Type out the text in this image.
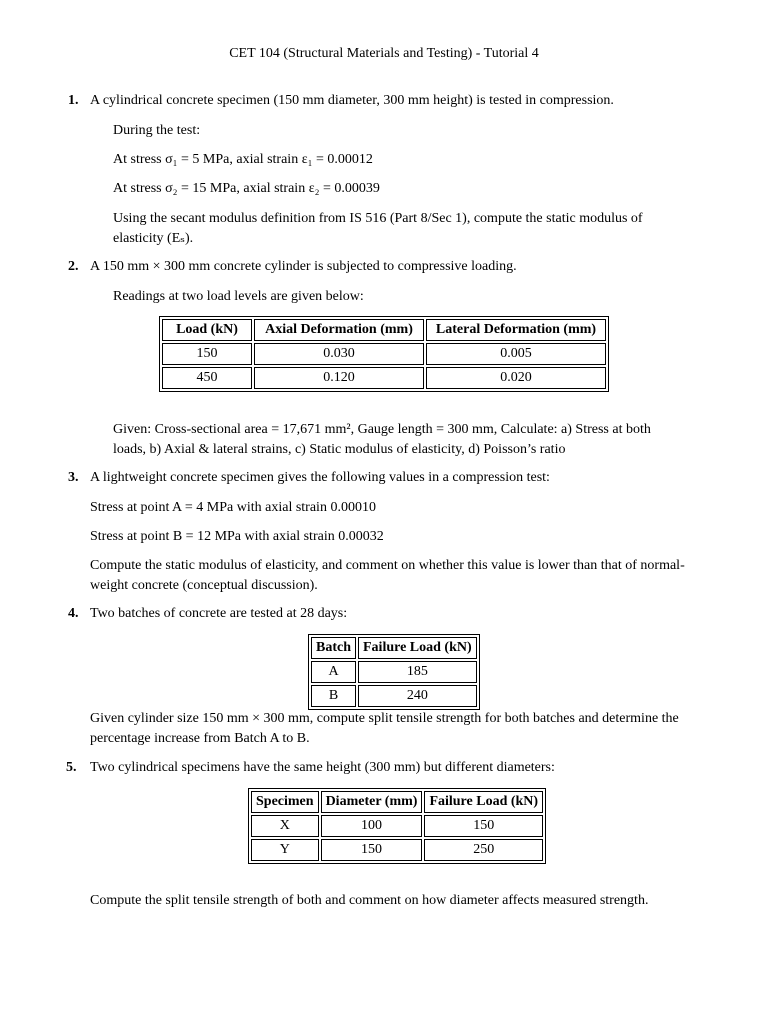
CET 104 (Structural Materials and Testing) - Tutorial 4
1. A cylindrical concrete specimen (150 mm diameter, 300 mm height) is tested in compression.

During the test:
At stress σ₁ = 5 MPa, axial strain ε₁ = 0.00012
At stress σ₂ = 15 MPa, axial strain ε₂ = 0.00039

Using the secant modulus definition from IS 516 (Part 8/Sec 1), compute the static modulus of

elasticity (Eₛ).

2. A 150 mm × 300 mm concrete cylinder is subjected to compressive loading.

Readings at two load levels are given below:
Load (kN)	Axial Deformation (mm)	Lateral Deformation (mm)
150	0.030	0.005
450	0.120	0.020

Given: Cross-sectional area = 17,671 mm², Gauge length = 300 mm, Calculate: a) Stress at both

loads, b) Axial & lateral strains, c) Static modulus of elasticity, d) Poisson’s ratio

3. A lightweight concrete specimen gives the following values in a compression test:

Stress at point A = 4 MPa with axial strain 0.00010
Stress at point B = 12 MPa with axial strain 0.00032

Compute the static modulus of elasticity, and comment on whether this value is lower than that of normal-

weight concrete (conceptual discussion).

4. Two batches of concrete are tested at 28 days:

Batch	Failure Load (kN)
A	185
B	240

Given cylinder size 150 mm × 300 mm, compute split tensile strength for both batches and determine the

percentage increase from Batch A to B.

5. Two cylindrical specimens have the same height (300 mm) but different diameters:

Specimen	Diameter (mm)	Failure Load (kN)
X	100	150
Y	150	250
Compute the split tensile strength of both and comment on how diameter affects measured strength.
